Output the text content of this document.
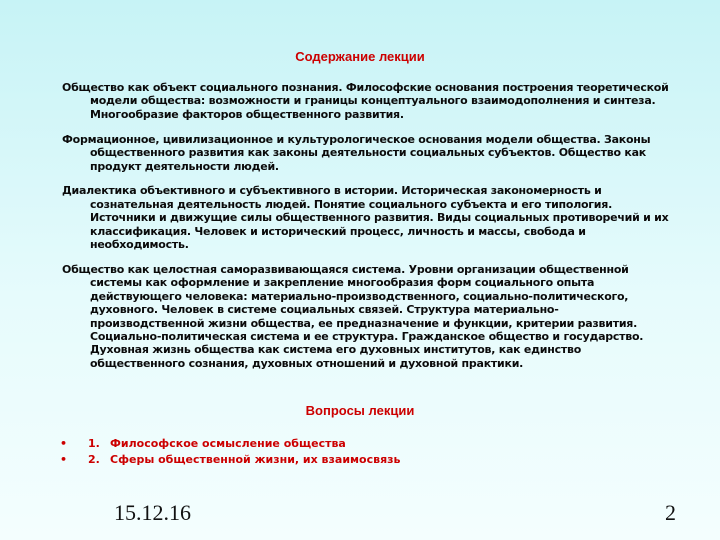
Содержание лекции

Общество как объект социального познания. Философские основания построения теоретической модели общества: возможности и границы концептуального взаимодополнения и синтеза. Многообразие факторов общественного развития.

Формационное, цивилизационное и культурологическое основания модели общества. Законы общественного развития как законы деятельности социальных субъектов. Общество как продукт деятельности людей.

Диалектика объективного и субъективного в истории. Историческая закономерность и сознательная деятельность людей. Понятие социального субъекта и его типология. Источники и движущие силы общественного развития. Виды социальных противоречий и их классификация. Человек и исторический процесс, личность и массы, свобода и необходимость.

Общество как целостная саморазвивающаяся система. Уровни организации общественной системы как оформление и закрепление многообразия форм социального опыта действующего человека: материально-производственного, социально-политического, духовного. Человек в системе социальных связей. Структура материально-производственной жизни общества, ее предназначение и функции, критерии развития. Социально-политическая система и ее структура. Гражданское общество и государство. Духовная жизнь общества как система его духовных институтов, как единство общественного сознания, духовных отношений и духовной практики.

Вопросы лекции
•	1. Философское осмысление общества
•	2. Сферы общественной жизни, их взаимосвязь
15.12.16	2
